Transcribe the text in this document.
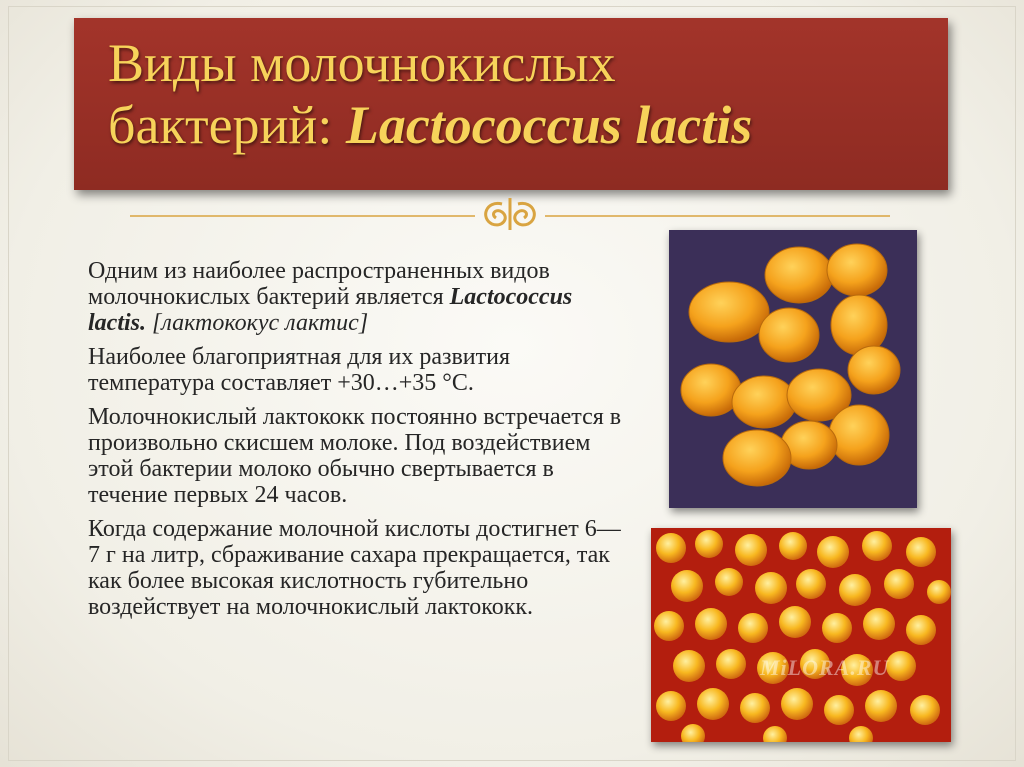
Виды молочнокислых
бактерий: Lactococcus lactis

Одним из наиболее распространенных видов молочнокислых бактерий является Lactococcus lactis. [лактококус лактис]

Наиболее благоприятная для их развития температура составляет +30…+35 °C.

Молочнокислый лактококк постоянно встречается в произвольно скисшем молоке. Под воздействием этой бактерии молоко обычно свертывается в течение первых 24 часов.

Когда содержание молочной кислоты достигнет 6—7 г на литр, сбраживание сахара прекращается, так как более высокая кислотность губительно воздействует на молочнокислый лактококк.

MiLORA.RU
